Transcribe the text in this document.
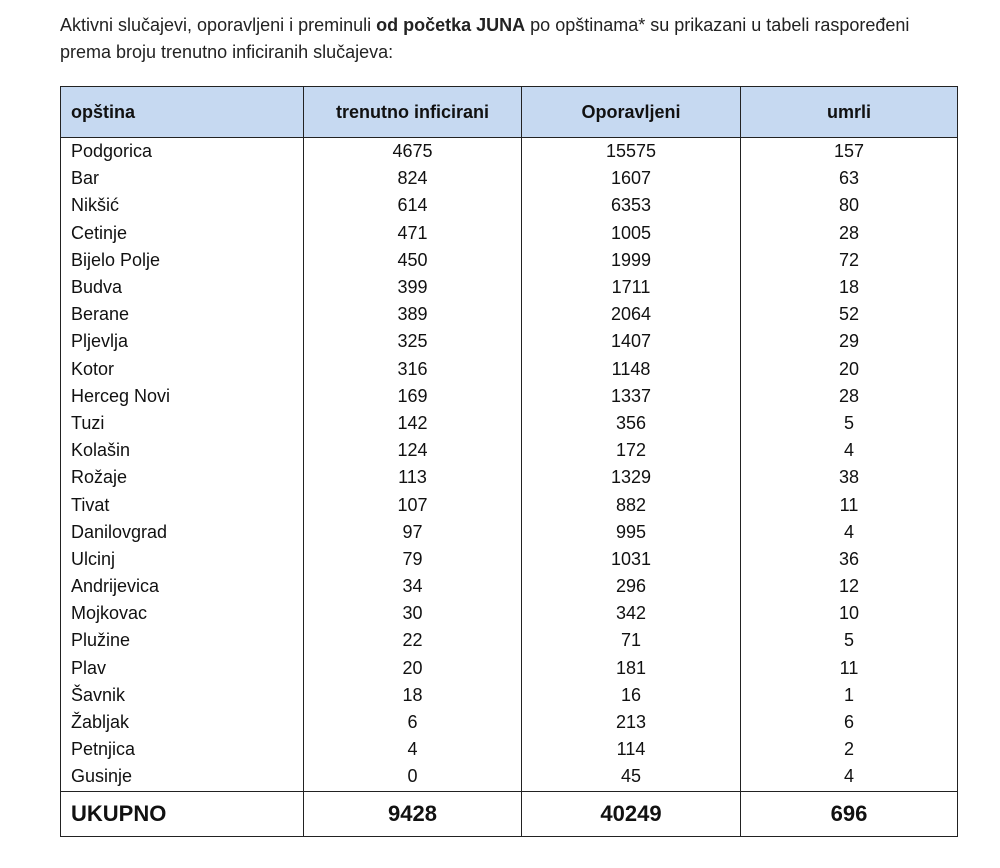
Aktivni slučajevi, oporavljeni i preminuli od početka JUNA po opštinama* su prikazani u tabeli raspoređeni prema broju trenutno inficiranih slučajeva:

opština	trenutno inficirani	Oporavljeni	umrli
Podgorica	4675	15575	157
Bar	824	1607	63
Nikšić	614	6353	80
Cetinje	471	1005	28
Bijelo Polje	450	1999	72
Budva	399	1711	18
Berane	389	2064	52
Pljevlja	325	1407	29
Kotor	316	1148	20
Herceg Novi	169	1337	28
Tuzi	142	356	5
Kolašin	124	172	4
Rožaje	113	1329	38
Tivat	107	882	11
Danilovgrad	97	995	4
Ulcinj	79	1031	36
Andrijevica	34	296	12
Mojkovac	30	342	10
Plužine	22	71	5
Plav	20	181	11
Šavnik	18	16	1
Žabljak	6	213	6
Petnjica	4	114	2
Gusinje	0	45	4
UKUPNO	9428	40249	696
